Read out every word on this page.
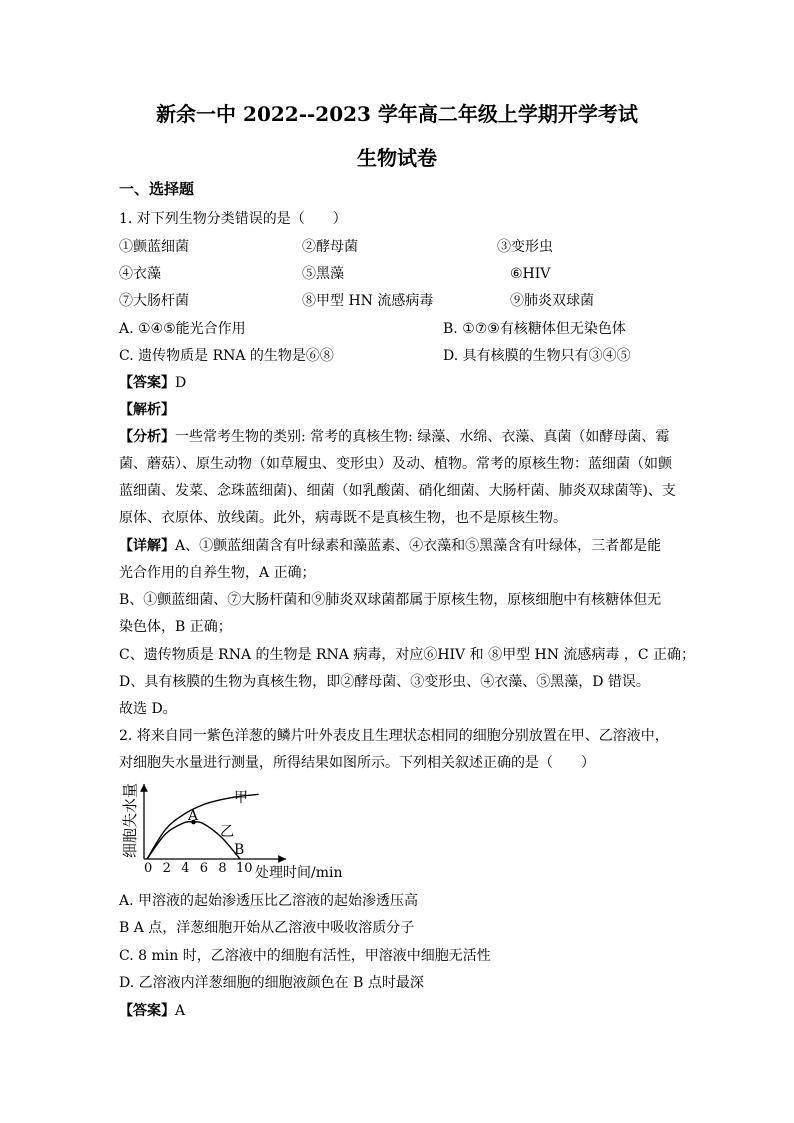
新余一中 2022--2023 学年高二年级上学期开学考试
生物试卷
一、选择题
1. 对下列生物分类错误的是（　　）
①颤蓝细菌	②酵母菌	③变形虫
④衣藻	⑤黑藻	⑥HIV
⑦大肠杆菌	⑧甲型 HN 流感病毒	⑨肺炎双球菌
A. ①④⑤能光合作用	B. ①⑦⑨有核糖体但无染色体
C. 遗传物质是 RNA 的生物是⑥⑧	D. 具有核膜的生物只有③④⑤
【答案】D
【解析】
【分析】一些常考生物的类别: 常考的真核生物: 绿藻、水绵、衣藻、真菌（如酵母菌、霉
菌、蘑菇）、原生动物（如草履虫、变形虫）及动、植物。常考的原核生物：蓝细菌（如颤
蓝细菌、发菜、念珠蓝细菌)、细菌（如乳酸菌、硝化细菌、大肠杆菌、肺炎双球菌等)、支
原体、衣原体、放线菌。此外，病毒既不是真核生物，也不是原核生物。
【详解】A、①颤蓝细菌含有叶绿素和藻蓝素、④衣藻和⑤黑藻含有叶绿体，三者都是能
光合作用的自养生物，A 正确；
B、①颤蓝细菌、⑦大肠杆菌和⑨肺炎双球菌都属于原核生物，原核细胞中有核糖体但无
染色体，B 正确；
C、遗传物质是 RNA 的生物是 RNA 病毒，对应⑥HIV 和 ⑧甲型 HN 流感病毒 ，C 正确；
D、具有核膜的生物为真核生物，即②酵母菌、③变形虫、④衣藻、⑤黑藻，D 错误。
故选 D。
2. 将来自同一紫色洋葱的鳞片叶外表皮且生理状态相同的细胞分别放置在甲、乙溶液中，
对细胞失水量进行测量，所得结果如图所示。下列相关叙述正确的是（　　）
细胞失水量
处理时间/min
0 2 4 6 8 10
甲
乙
A
B
A. 甲溶液的起始渗透压比乙溶液的起始渗透压高
B A 点，洋葱细胞开始从乙溶液中吸收溶质分子
C. 8 min 时，乙溶液中的细胞有活性，甲溶液中细胞无活性
D. 乙溶液内洋葱细胞的细胞液颜色在 B 点时最深
【答案】A
